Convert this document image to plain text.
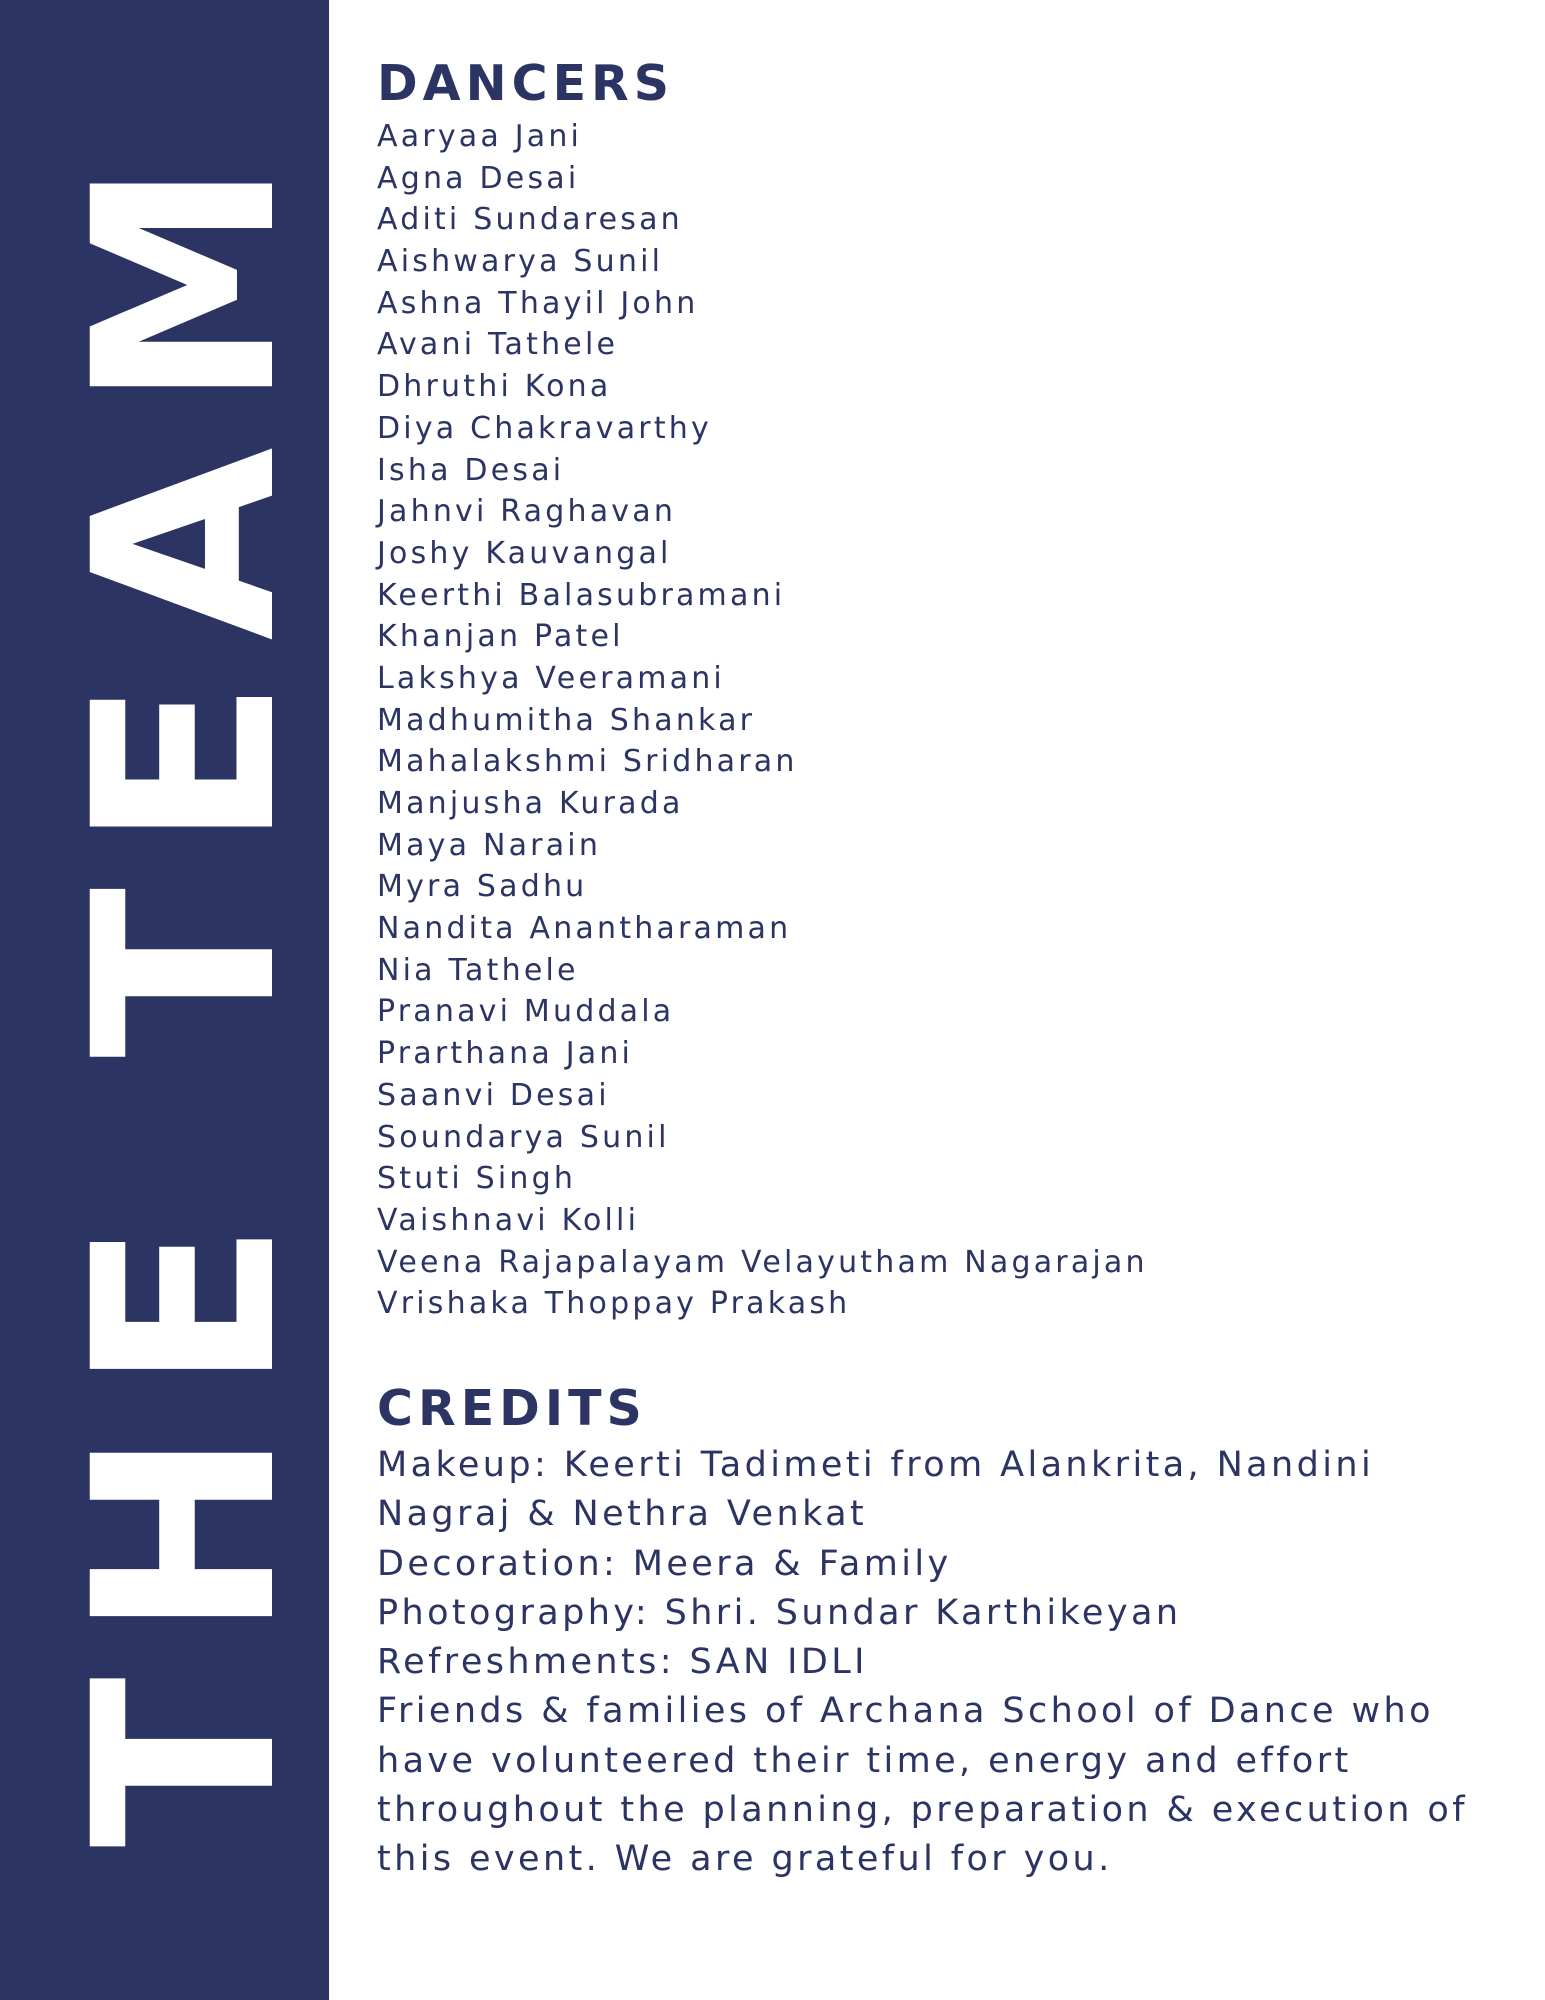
THE TEAM
DANCERS
Aaryaa Jani
Agna Desai
Aditi Sundaresan
Aishwarya Sunil
Ashna Thayil John
Avani Tathele
Dhruthi Kona
Diya Chakravarthy
Isha Desai
Jahnvi Raghavan
Joshy Kauvangal
Keerthi Balasubramani
Khanjan Patel
Lakshya Veeramani
Madhumitha Shankar
Mahalakshmi Sridharan
Manjusha Kurada
Maya Narain
Myra Sadhu
Nandita Anantharaman
Nia Tathele
Pranavi Muddala
Prarthana Jani
Saanvi Desai
Soundarya Sunil
Stuti Singh
Vaishnavi Kolli
Veena Rajapalayam Velayutham Nagarajan
Vrishaka Thoppay Prakash
CREDITS

Makeup: Keerti Tadimeti from Alankrita, Nandini Nagraj & Nethra Venkat

Decoration: Meera & Family

Photography: Shri. Sundar Karthikeyan

Refreshments: SAN IDLI

Friends & families of Archana School of Dance who have volunteered their time, energy and effort throughout the planning, preparation & execution of this event. We are grateful for you.
